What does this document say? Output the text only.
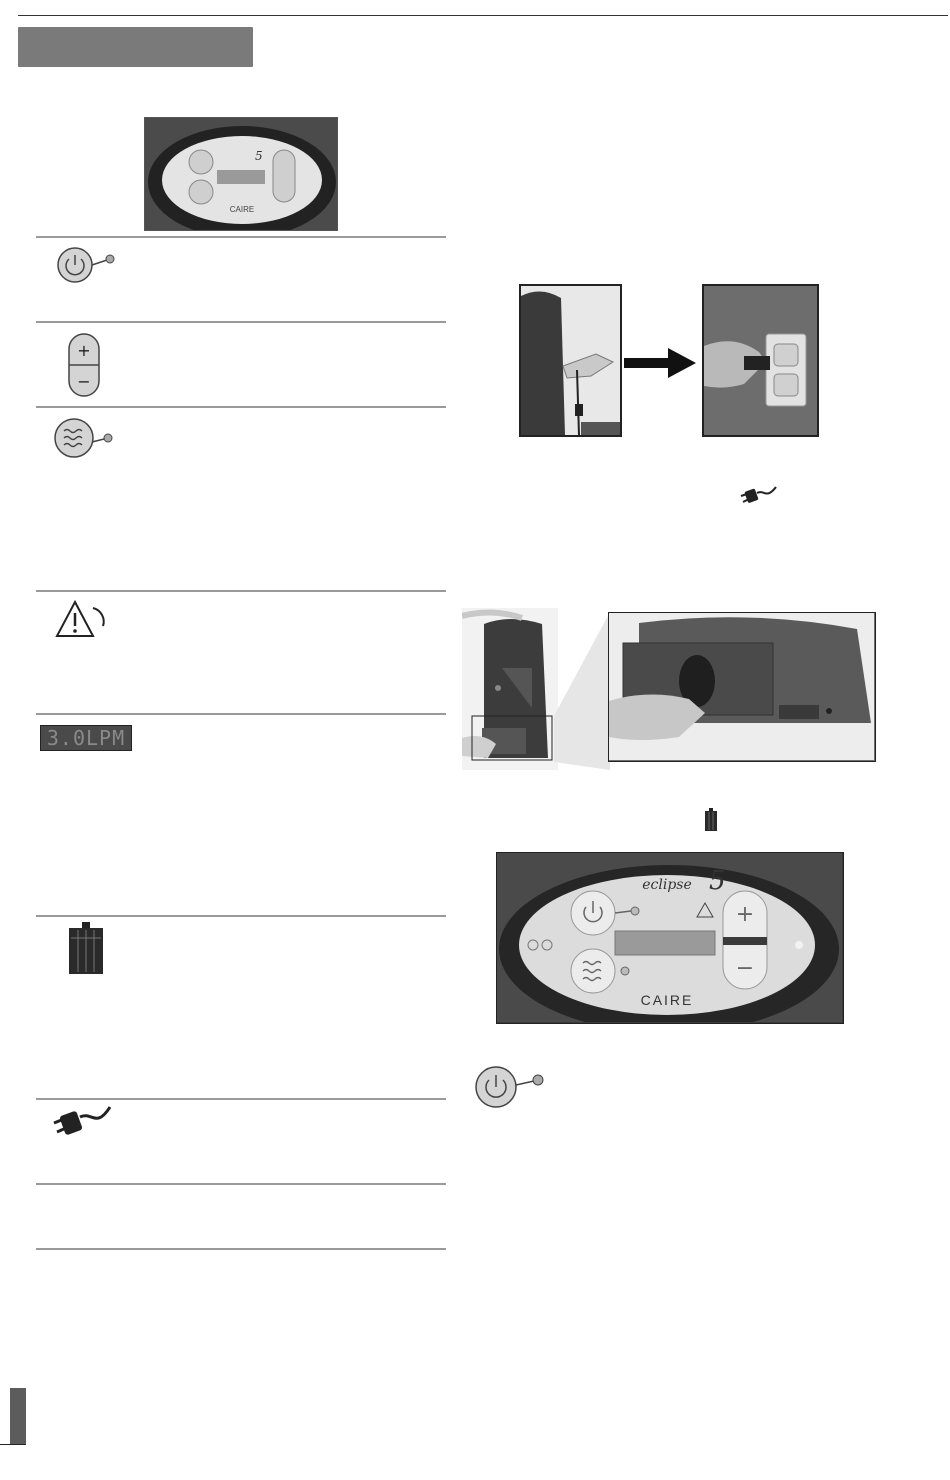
5
CAIRE
+
−
3.0LPM
+
−
eclipse 5
CAIRE
